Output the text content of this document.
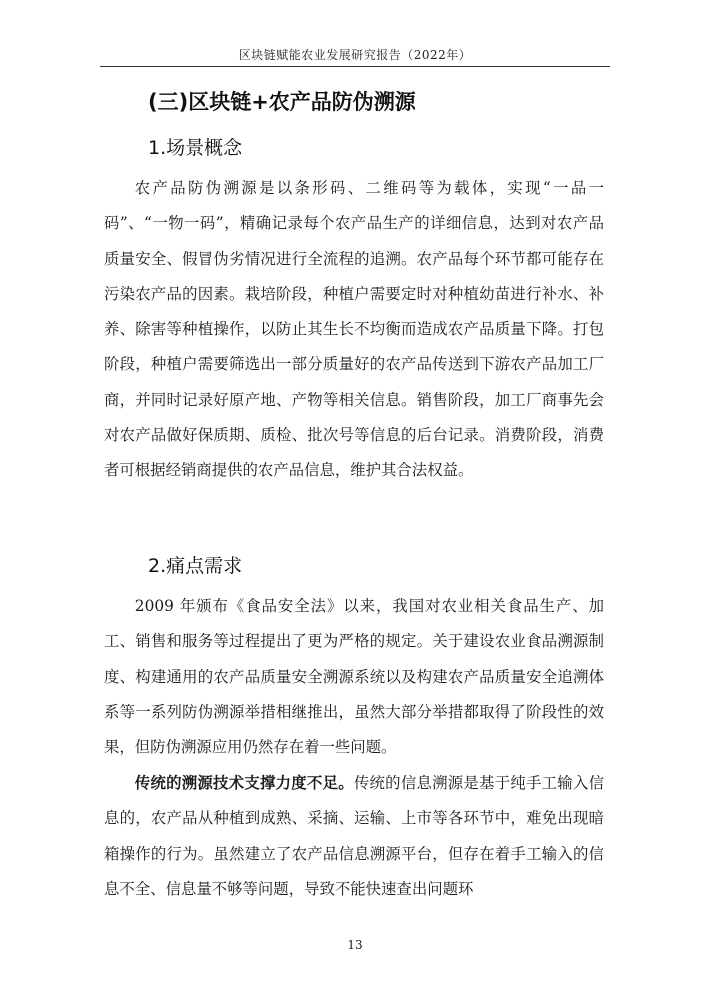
区块链赋能农业发展研究报告（2022年）
(三)区块链+农产品防伪溯源
1.场景概念

农产品防伪溯源是以条形码、二维码等为载体，实现“一品一码”、“一物一码”，精确记录每个农产品生产的详细信息，达到对农产品质量安全、假冒伪劣情况进行全流程的追溯。农产品每个环节都可能存在污染农产品的因素。栽培阶段，种植户需要定时对种植幼苗进行补水、补养、除害等种植操作，以防止其生长不均衡而造成农产品质量下降。打包阶段，种植户需要筛选出一部分质量好的农产品传送到下游农产品加工厂商，并同时记录好原产地、产物等相关信息。销售阶段，加工厂商事先会对农产品做好保质期、质检、批次号等信息的后台记录。消费阶段，消费者可根据经销商提供的农产品信息，维护其合法权益。

2.痛点需求

2009 年颁布《食品安全法》以来，我国对农业相关食品生产、加工、销售和服务等过程提出了更为严格的规定。关于建设农业食品溯源制度、构建通用的农产品质量安全溯源系统以及构建农产品质量安全追溯体系等一系列防伪溯源举措相继推出，虽然大部分举措都取得了阶段性的效果，但防伪溯源应用仍然存在着一些问题。

传统的溯源技术支撑力度不足。传统的信息溯源是基于纯手工输入信息的，农产品从种植到成熟、采摘、运输、上市等各环节中，难免出现暗箱操作的行为。虽然建立了农产品信息溯源平台，但存在着手工输入的信息不全、信息量不够等问题，导致不能快速查出问题环

13
